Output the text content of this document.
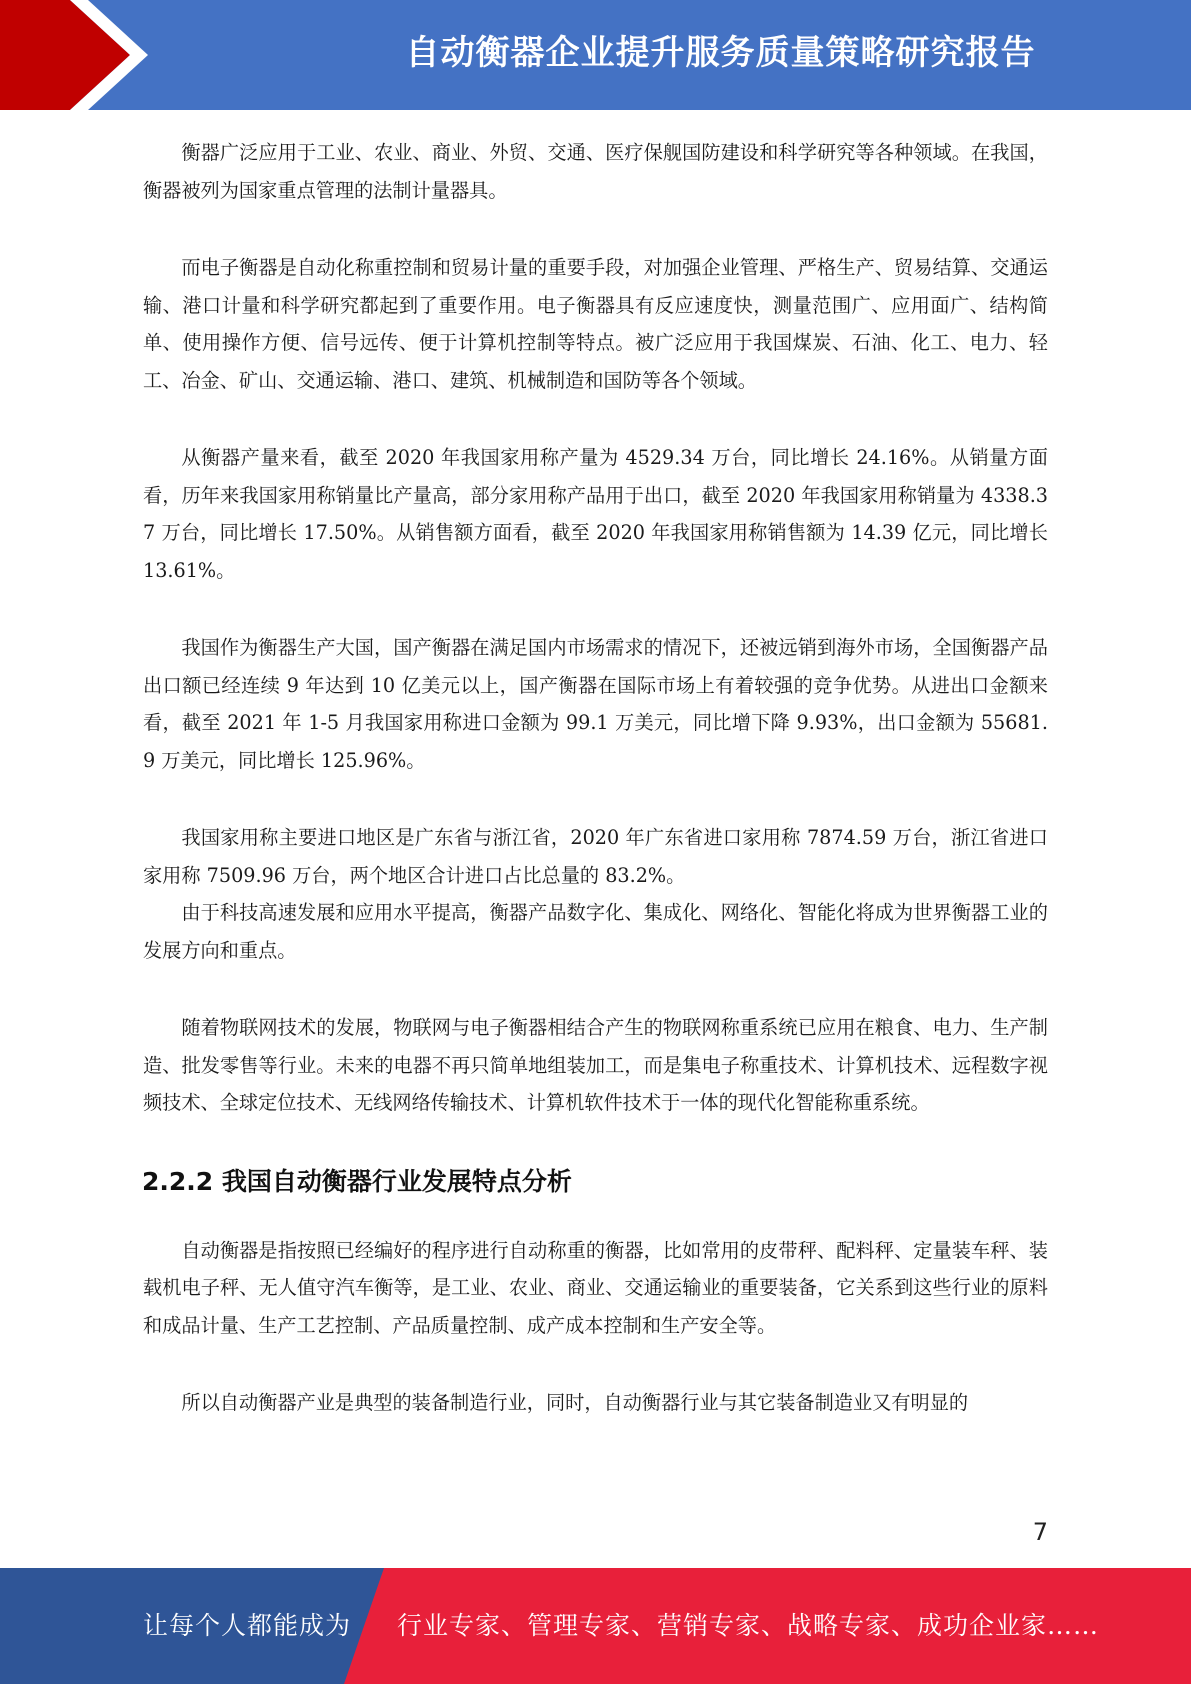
自动衡器企业提升服务质量策略研究报告

衡器广泛应用于工业、农业、商业、外贸、交通、医疗保舰国防建设和科学研究等各种领域。在我国，衡器被列为国家重点管理的法制计量器具。

而电子衡器是自动化称重控制和贸易计量的重要手段，对加强企业管理、严格生产、贸易结算、交通运输、港口计量和科学研究都起到了重要作用。电子衡器具有反应速度快，测量范围广、应用面广、结构简单、使用操作方便、信号远传、便于计算机控制等特点。被广泛应用于我国煤炭、石油、化工、电力、轻工、冶金、矿山、交通运输、港口、建筑、机械制造和国防等各个领域。

从衡器产量来看，截至 2020 年我国家用称产量为 4529.34 万台，同比增长 24.16%。从销量方面看，历年来我国家用称销量比产量高，部分家用称产品用于出口，截至 2020 年我国家用称销量为 4338.37 万台，同比增长 17.50%。从销售额方面看，截至 2020 年我国家用称销售额为 14.39 亿元，同比增长 13.61%。

我国作为衡器生产大国，国产衡器在满足国内市场需求的情况下，还被远销到海外市场，全国衡器产品出口额已经连续 9 年达到 10 亿美元以上，国产衡器在国际市场上有着较强的竞争优势。从进出口金额来看，截至 2021 年 1-5 月我国家用称进口金额为 99.1 万美元，同比增下降 9.93%，出口金额为 55681.9 万美元，同比增长 125.96%。

我国家用称主要进口地区是广东省与浙江省，2020 年广东省进口家用称 7874.59 万台，浙江省进口家用称 7509.96 万台，两个地区合计进口占比总量的 83.2%。

由于科技高速发展和应用水平提高，衡器产品数字化、集成化、网络化、智能化将成为世界衡器工业的发展方向和重点。

随着物联网技术的发展，物联网与电子衡器相结合产生的物联网称重系统已应用在粮食、电力、生产制造、批发零售等行业。未来的电器不再只简单地组装加工，而是集电子称重技术、计算机技术、远程数字视频技术、全球定位技术、无线网络传输技术、计算机软件技术于一体的现代化智能称重系统。

2.2.2 我国自动衡器行业发展特点分析

自动衡器是指按照已经编好的程序进行自动称重的衡器，比如常用的皮带秤、配料秤、定量装车秤、装载机电子秤、无人值守汽车衡等，是工业、农业、商业、交通运输业的重要装备，它关系到这些行业的原料和成品计量、生产工艺控制、产品质量控制、成产成本控制和生产安全等。

所以自动衡器产业是典型的装备制造行业，同时，自动衡器行业与其它装备制造业又有明显的

7
让每个人都能成为 行业专家、管理专家、营销专家、战略专家、成功企业家……
